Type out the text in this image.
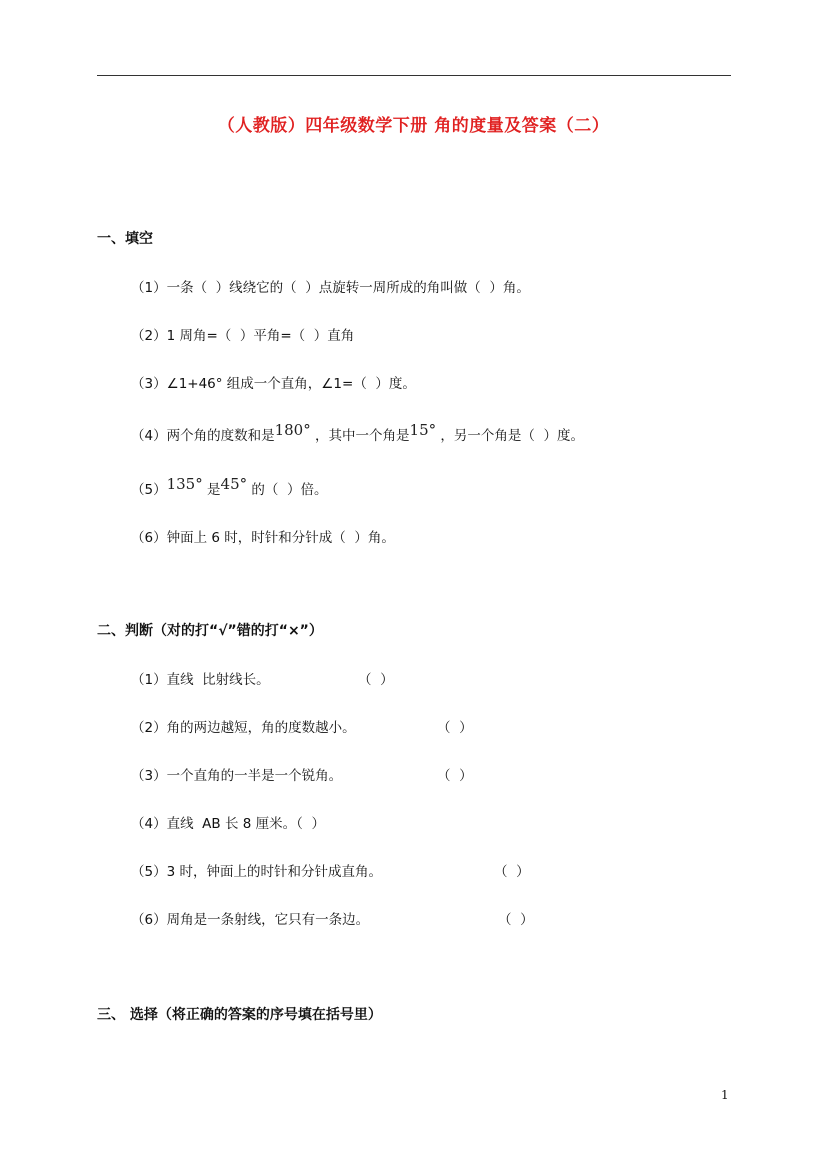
（人教版）四年级数学下册 角的度量及答案（二）
一、填空
（1）一条（  ）线绕它的（  ）点旋转一周所成的角叫做（  ）角。
（2）1 周角=（  ）平角=（  ）直角
（3）∠1+46° 组成一个直角，∠1=（  ）度。
（4）两个角的度数和是180° ，其中一个角是15° ，另一个角是（  ）度。
（5）135° 是45° 的（  ）倍。
（6）钟面上 6 时，时针和分针成（  ）角。
二、判断（对的打“√”错的打“×”）
（1）直线  比射线长。	（  ）
（2）角的两边越短，角的度数越小。	（  ）
（3）一个直角的一半是一个锐角。	（  ）
（4）直线  AB 长 8 厘米。（  ）
（5）3 时，钟面上的时针和分针成直角。	（  ）
（6）周角是一条射线，它只有一条边。	（  ）
三、 选择（将正确的答案的序号填在括号里）
1
